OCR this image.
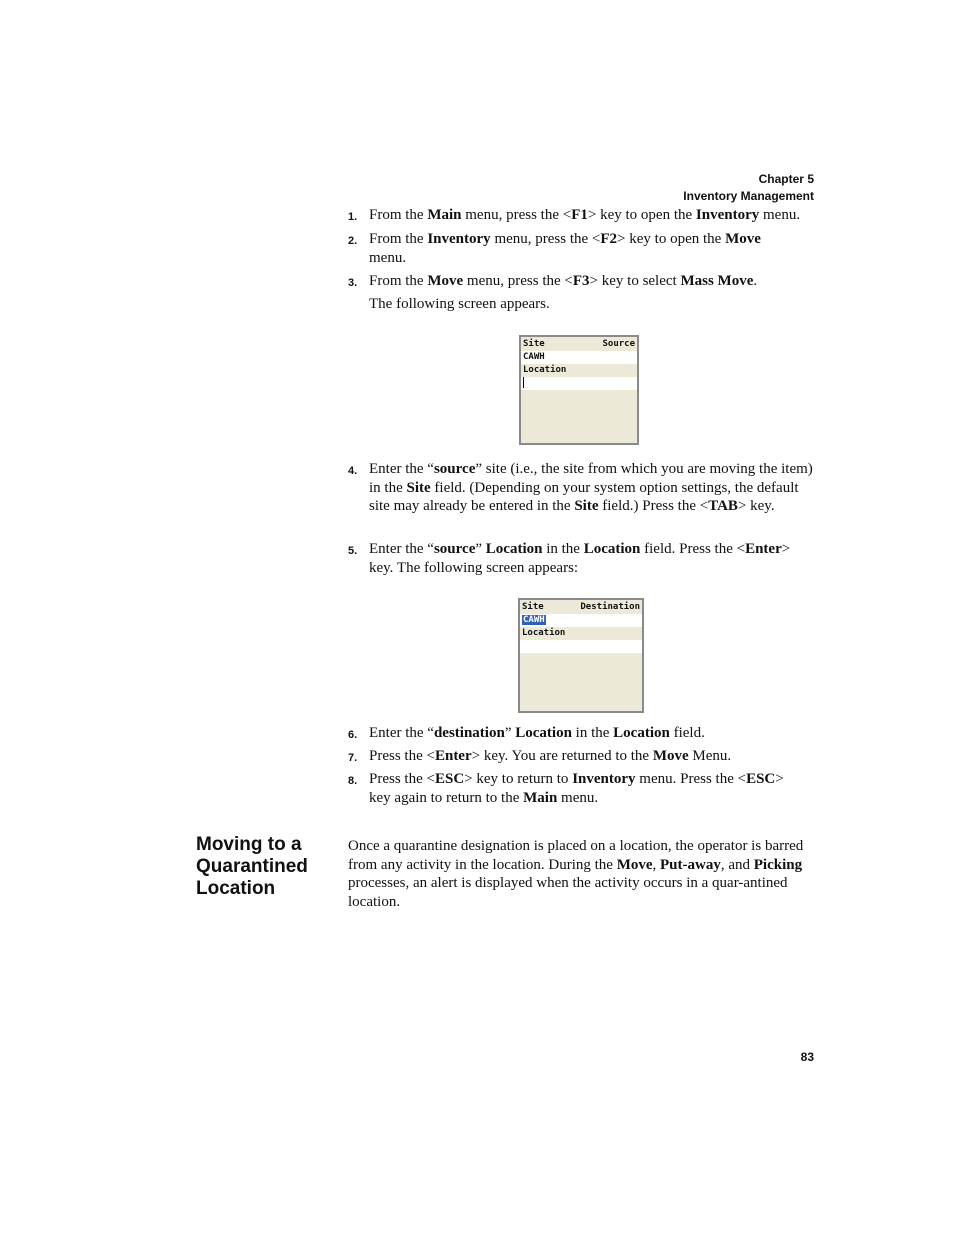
Chapter 5
Inventory Management
1. From the Main menu, press the <F1> key to open the Inventory menu.
2. From the Inventory menu, press the <F2> key to open the Move menu.
3. From the Move menu, press the <F3> key to select Mass Move.
The following screen appears.
Site	Source
CAWH
Location
4. Enter the “source” site (i.e., the site from which you are moving the item) in the Site field. (Depending on your system option settings, the default site may already be entered in the Site field.) Press the <TAB> key.
5. Enter the “source” Location in the Location field. Press the <Enter> key. The following screen appears:
Site	Destination
CAWH
Location
6. Enter the “destination” Location in the Location field.
7. Press the <Enter> key. You are returned to the Move Menu.
8. Press the <ESC> key to return to Inventory menu. Press the <ESC> key again to return to the Main menu.
Moving to a
Quarantined
Location
Once a quarantine designation is placed on a location, the operator is barred from any activity in the location. During the Move, Put-away, and Picking processes, an alert is displayed when the activity occurs in a quar-antined location.
83
